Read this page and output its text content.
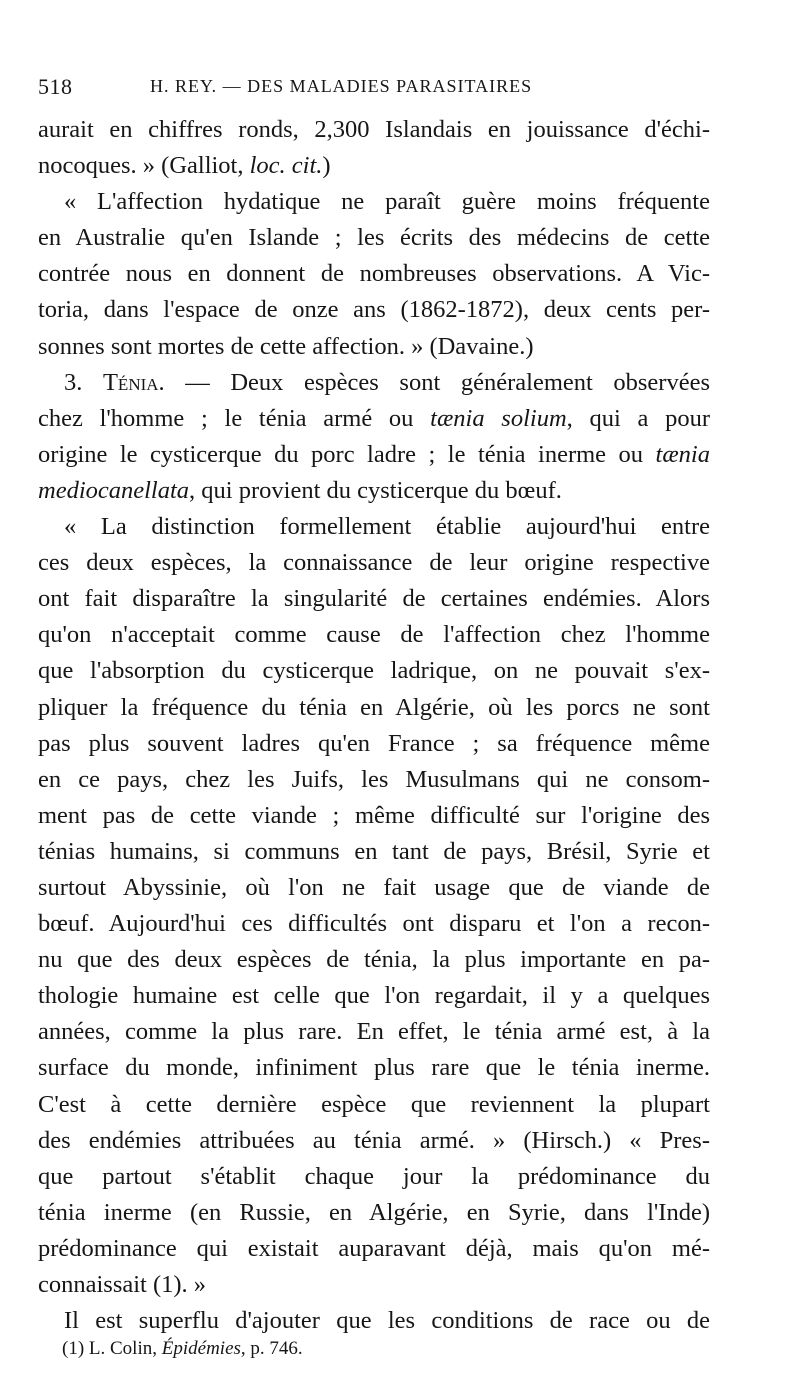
518	H. REY. — DES MALADIES PARASITAIRES
aurait en chiffres ronds, 2,300 Islandais en jouissance d'échi-
nocoques. » (Galliot, loc. cit.)
« L'affection hydatique ne paraît guère moins fréquente
en Australie qu'en Islande ; les écrits des médecins de cette
contrée nous en donnent de nombreuses observations. A Vic-
toria, dans l'espace de onze ans (1862-1872), deux cents per-
sonnes sont mortes de cette affection. » (Davaine.)
3. Ténia. — Deux espèces sont généralement observées
chez l'homme ; le ténia armé ou tænia solium, qui a pour
origine le cysticerque du porc ladre ; le ténia inerme ou tænia
mediocanellata, qui provient du cysticerque du bœuf.
« La distinction formellement établie aujourd'hui entre
ces deux espèces, la connaissance de leur origine respective
ont fait disparaître la singularité de certaines endémies. Alors
qu'on n'acceptait comme cause de l'affection chez l'homme
que l'absorption du cysticerque ladrique, on ne pouvait s'ex-
pliquer la fréquence du ténia en Algérie, où les porcs ne sont
pas plus souvent ladres qu'en France ; sa fréquence même
en ce pays, chez les Juifs, les Musulmans qui ne consom-
ment pas de cette viande ; même difficulté sur l'origine des
ténias humains, si communs en tant de pays, Brésil, Syrie et
surtout Abyssinie, où l'on ne fait usage que de viande de
bœuf. Aujourd'hui ces difficultés ont disparu et l'on a recon-
nu que des deux espèces de ténia, la plus importante en pa-
thologie humaine est celle que l'on regardait, il y a quelques
années, comme la plus rare. En effet, le ténia armé est, à la
surface du monde, infiniment plus rare que le ténia inerme.
C'est à cette dernière espèce que reviennent la plupart
des endémies attribuées au ténia armé. » (Hirsch.) « Pres-
que partout s'établit chaque jour la prédominance du
ténia inerme (en Russie, en Algérie, en Syrie, dans l'Inde)
prédominance qui existait auparavant déjà, mais qu'on mé-
connaissait (1). »
Il est superflu d'ajouter que les conditions de race ou de
(1) L. Colin, Épidémies, p. 746.
